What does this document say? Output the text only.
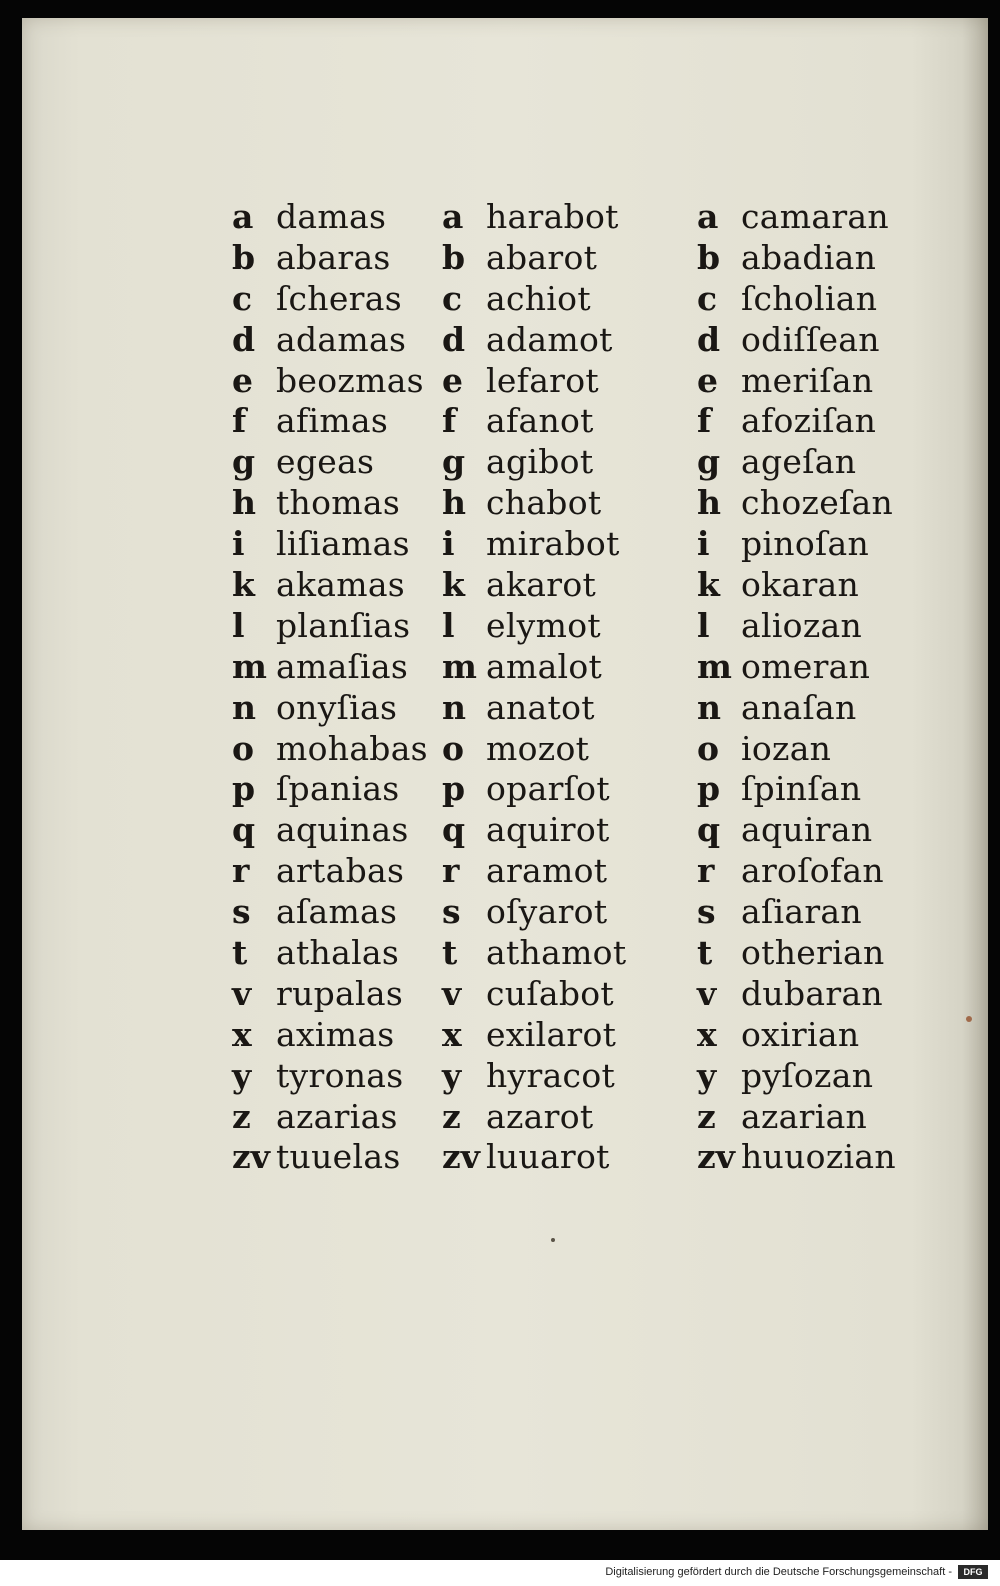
a damas
b abaras
c ſcheras
d adamas
e beozmas
f afimas
g egeas
h thomas
i liſiamas
k akamas
l planſias
m amaſias
n onyſias
o mohabas
p ſpanias
q aquinas
r artabas
s aſamas
t athalas
v rupalas
x aximas
y tyronas
z azarias
zv tuuelas
a harabot
b abarot
c achiot
d adamot
e lefarot
f afanot
g agibot
h chabot
i mirabot
k akarot
l elymot
m amalot
n anatot
o mozot
p oparſot
q aquirot
r aramot
s oſyarot
t athamot
v cuſabot
x exilarot
y hyracot
z azarot
zv luuarot
a camaran
b abadian
c ſcholian
d odiſſean
e meriſan
f afoziſan
g ageſan
h chozeſan
i pinoſan
k okaran
l aliozan
m omeran
n anaſan
o iozan
p ſpinſan
q aquiran
r aroſofan
s aſiaran
t otherian
v dubaran
x oxirian
y pyſozan
z azarian
zv huuozian
Digitalisierung gefördert durch die Deutsche Forschungsgemeinschaft -	DFG
